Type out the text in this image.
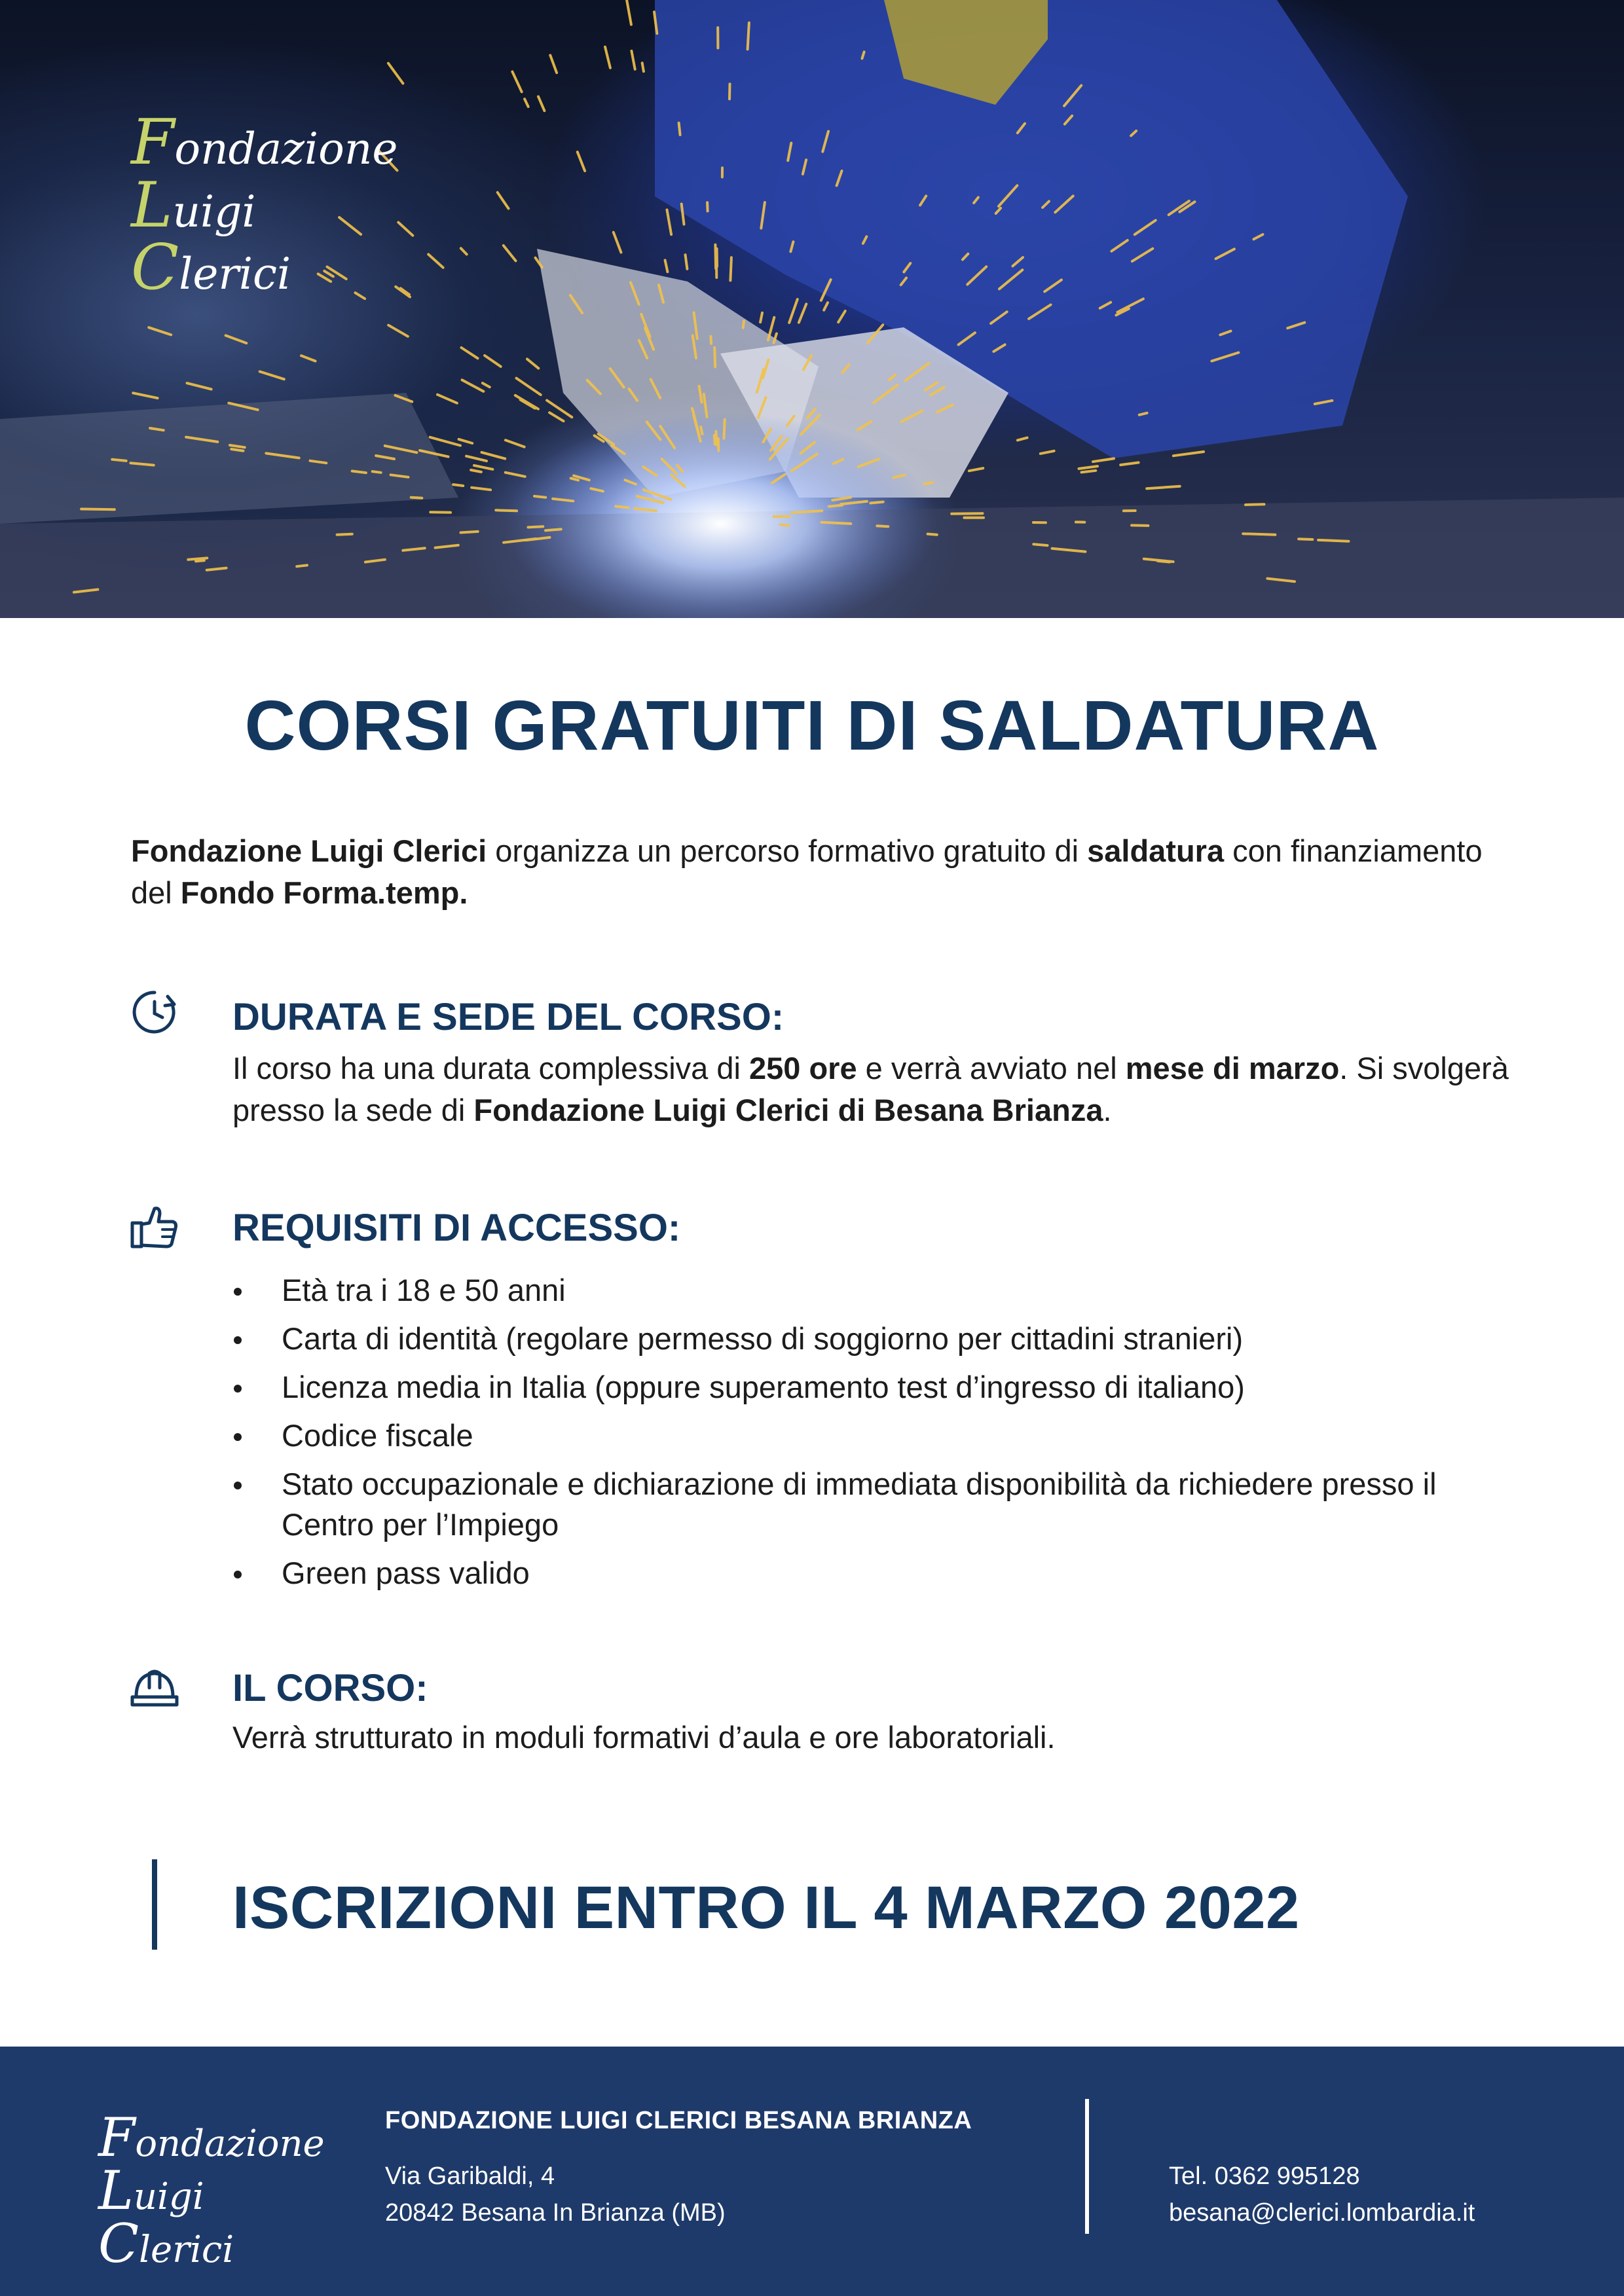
Fondazione
Luigi
Clerici
CORSI GRATUITI DI SALDATURA

Fondazione Luigi Clerici organizza un percorso formativo gratuito di saldatura con finanziamento del Fondo Forma.temp.

DURATA E SEDE DEL CORSO:

Il corso ha una durata complessiva di 250 ore e verrà avviato nel mese di marzo. Si svolgerà presso la sede di Fondazione Luigi Clerici di Besana Brianza.

REQUISITI DI ACCESSO:
Età tra i 18 e 50 anni
Carta di identità (regolare permesso di soggiorno per cittadini stranieri)
Licenza media in Italia (oppure superamento test d’ingresso di italiano)
Codice fiscale
Stato occupazionale e dichiarazione di immediata disponibilità da richiedere presso il Centro per l’Impiego
Green pass valido
IL CORSO:

Verrà strutturato in moduli formativi d’aula e ore laboratoriali.

ISCRIZIONI ENTRO IL 4 MARZO 2022
Fondazione
Luigi
Clerici
FONDAZIONE LUIGI CLERICI BESANA BRIANZA
Via Garibaldi, 4
20842 Besana In Brianza (MB)
Tel. 0362 995128
besana@clerici.lombardia.it
